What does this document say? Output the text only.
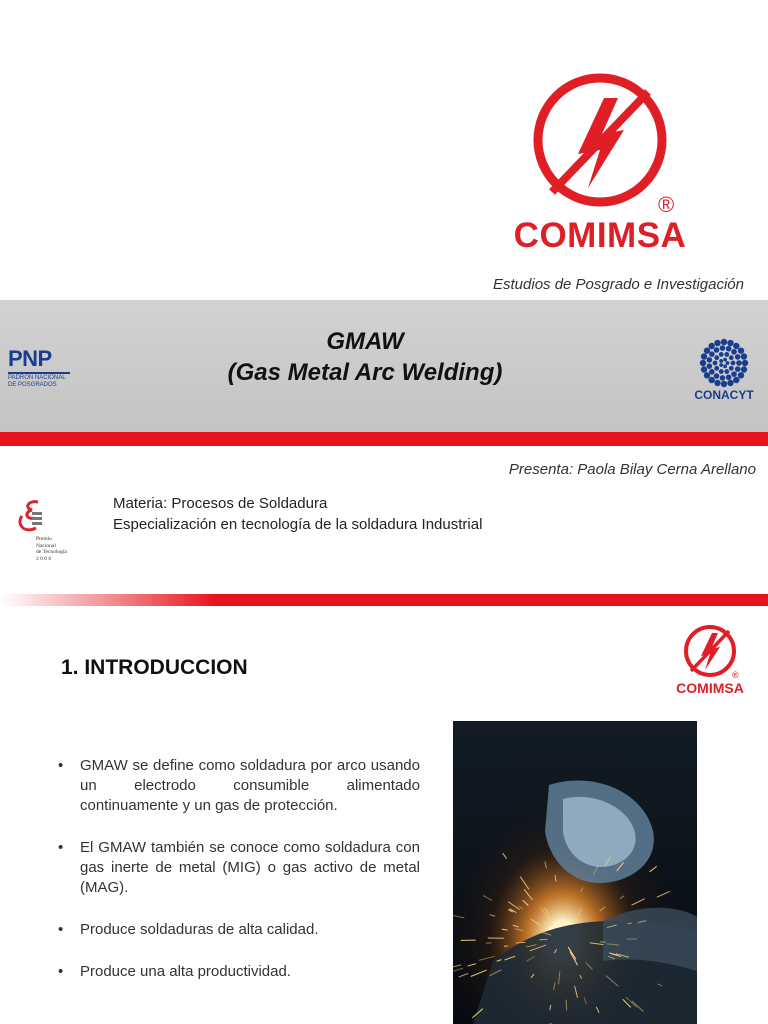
®
COMIMSA
Estudios de Posgrado e Investigación
PNP
PADRON NACIONAL
DE POSGRADOS
GMAW
(Gas Metal Arc Welding)
CONACYT
Presenta: Paola Bilay Cerna Arellano
Premio
Nacional
de Tecnología
2 0 0 6
Materia: Procesos de Soldadura
Especialización en tecnología de la soldadura Industrial
1. INTRODUCCION	®
COMIMSA
• GMAW se define como soldadura por arco usando un electrodo consumible alimentado continuamente y un gas de protección.
• El GMAW también se conoce como soldadura con gas inerte de metal (MIG) o gas activo de metal (MAG).
• Produce soldaduras de alta calidad.
• Produce una alta productividad.
